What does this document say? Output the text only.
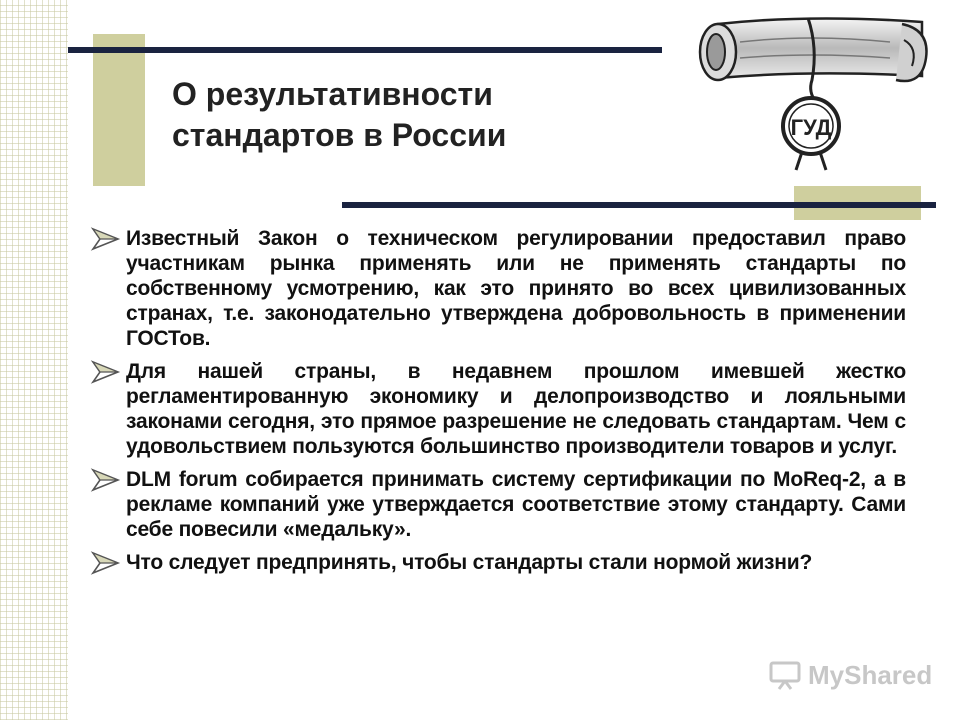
О результативности
стандартов в России	ГУД
Известный Закон о техническом регулировании предоставил право участникам рынка применять или не применять стандарты по собственному усмотрению, как это принято во всех цивилизованных странах, т.е. законодательно утверждена добровольность в применении ГОСТов.
Для нашей страны, в недавнем прошлом имевшей жестко регламентированную экономику и делопроизводство и лояльными законами сегодня, это прямое разрешение не следовать стандартам. Чем с удовольствием пользуются большинство производители товаров и услуг.
DLM forum собирается принимать систему сертификации по MoReq-2, а в рекламе компаний уже утверждается соответствие этому стандарту. Сами себе повесили «медальку».
Что следует предпринять, чтобы стандарты стали нормой жизни?
MyShared
